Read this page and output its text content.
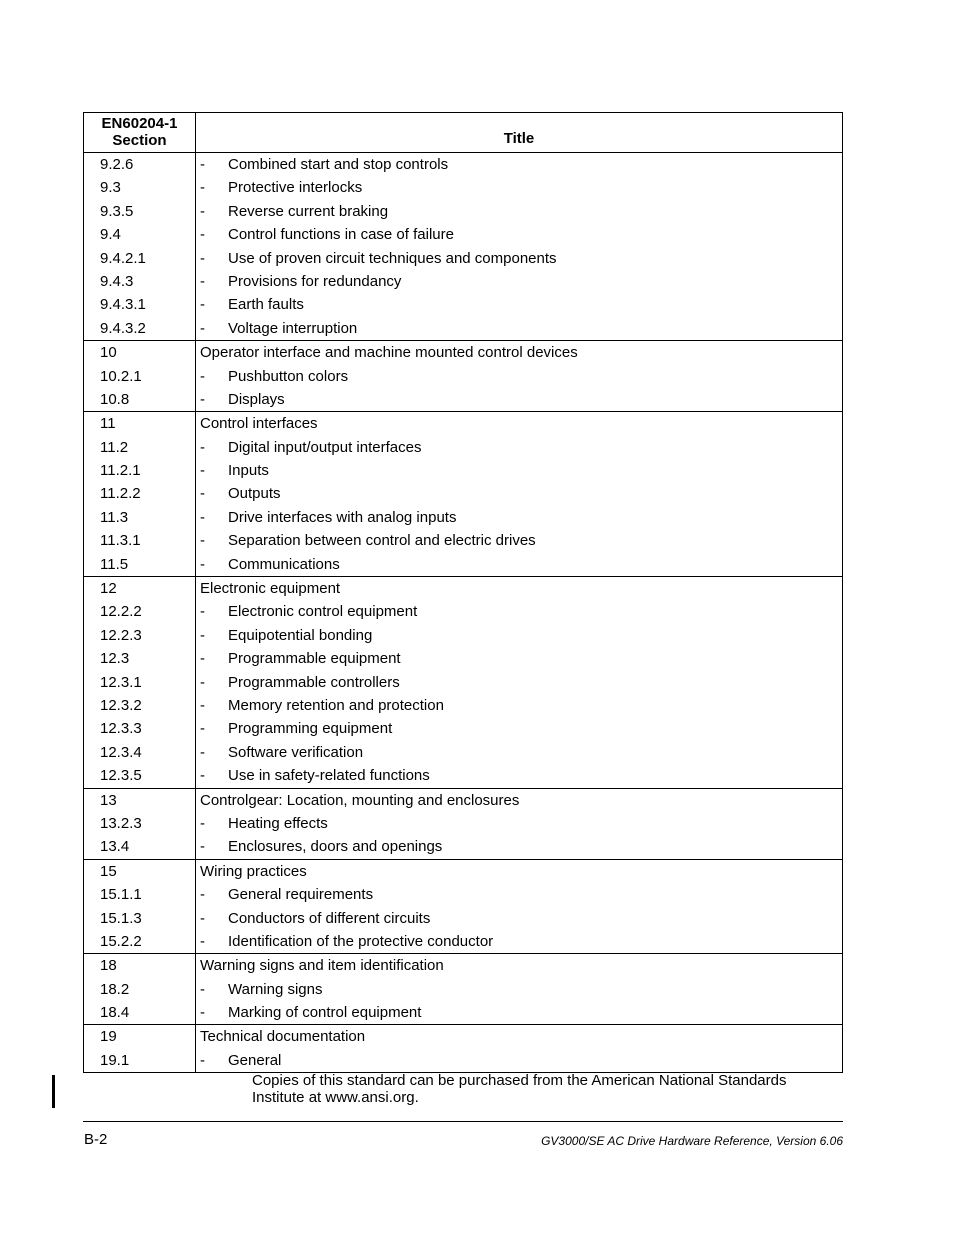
EN60204-1
Section	Title
9.2.6	- Combined start and stop controls
9.3	- Protective interlocks
9.3.5	- Reverse current braking
9.4	- Control functions in case of failure
9.4.2.1	- Use of proven circuit techniques and components
9.4.3	- Provisions for redundancy
9.4.3.1	- Earth faults
9.4.3.2	- Voltage interruption
10	Operator interface and machine mounted control devices
10.2.1	- Pushbutton colors
10.8	- Displays
11	Control interfaces
11.2	- Digital input/output interfaces
11.2.1	- Inputs
11.2.2	- Outputs
11.3	- Drive interfaces with analog inputs
11.3.1	- Separation between control and electric drives
11.5	- Communications
12	Electronic equipment
12.2.2	- Electronic control equipment
12.2.3	- Equipotential bonding
12.3	- Programmable equipment
12.3.1	- Programmable controllers
12.3.2	- Memory retention and protection
12.3.3	- Programming equipment
12.3.4	- Software verification
12.3.5	- Use in safety-related functions
13	Controlgear: Location, mounting and enclosures
13.2.3	- Heating effects
13.4	- Enclosures, doors and openings
15	Wiring practices
15.1.1	- General requirements
15.1.3	- Conductors of different circuits
15.2.2	- Identification of the protective conductor
18	Warning signs and item identification
18.2	- Warning signs
18.4	- Marking of control equipment
19	Technical documentation
19.1	- General
Copies of this standard can be purchased from the American National Standards Institute at www.ansi.org.
B-2	GV3000/SE AC Drive Hardware Reference, Version 6.06
